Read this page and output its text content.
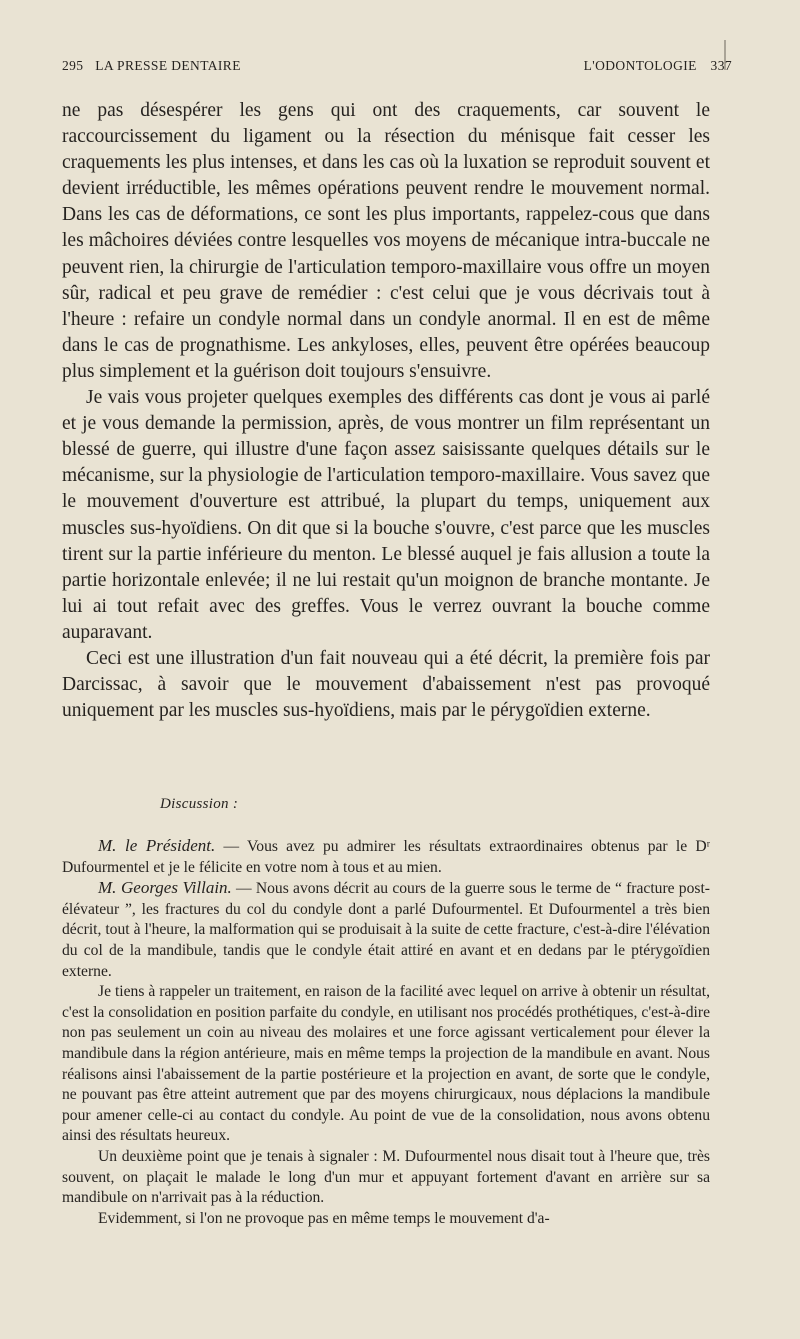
295 LA PRESSE DENTAIRE	L'ODONTOLOGIE 337

ne pas désespérer les gens qui ont des craquements, car souvent le raccourcissement du ligament ou la résection du ménisque fait cesser les craquements les plus intenses, et dans les cas où la luxation se reproduit souvent et devient irréductible, les mêmes opérations peuvent rendre le mouvement normal. Dans les cas de déformations, ce sont les plus importants, rappelez-cous que dans les mâchoires déviées contre lesquelles vos moyens de mécanique intra-buccale ne peuvent rien, la chirurgie de l'articulation temporo-maxillaire vous offre un moyen sûr, radical et peu grave de remédier : c'est celui que je vous décrivais tout à l'heure : refaire un condyle normal dans un condyle anormal. Il en est de même dans le cas de prognathisme. Les ankyloses, elles, peuvent être opérées beaucoup plus simplement et la guérison doit toujours s'ensuivre.

Je vais vous projeter quelques exemples des différents cas dont je vous ai parlé et je vous demande la permission, après, de vous montrer un film représentant un blessé de guerre, qui illustre d'une façon assez saisissante quelques détails sur le mécanisme, sur la physiologie de l'articulation temporo-maxillaire. Vous savez que le mouvement d'ouverture est attribué, la plupart du temps, uniquement aux muscles sus-hyoïdiens. On dit que si la bouche s'ouvre, c'est parce que les muscles tirent sur la partie inférieure du menton. Le blessé auquel je fais allusion a toute la partie horizontale enlevée; il ne lui restait qu'un moignon de branche montante. Je lui ai tout refait avec des greffes. Vous le verrez ouvrant la bouche comme auparavant.

Ceci est une illustration d'un fait nouveau qui a été décrit, la première fois par Darcissac, à savoir que le mouvement d'abaissement n'est pas provoqué uniquement par les muscles sus-hyoïdiens, mais par le pérygoïdien externe.

Discussion :

M. le Président. — Vous avez pu admirer les résultats extraordinaires obtenus par le Dʳ Dufourmentel et je le félicite en votre nom à tous et au mien.

M. Georges Villain. — Nous avons décrit au cours de la guerre sous le terme de “ fracture post-élévateur ”, les fractures du col du condyle dont a parlé Dufourmentel. Et Dufourmentel a très bien décrit, tout à l'heure, la malformation qui se produisait à la suite de cette fracture, c'est-à-dire l'élévation du col de la mandibule, tandis que le condyle était attiré en avant et en dedans par le ptérygoïdien externe.

Je tiens à rappeler un traitement, en raison de la facilité avec lequel on arrive à obtenir un résultat, c'est la consolidation en position parfaite du condyle, en utilisant nos procédés prothétiques, c'est-à-dire non pas seulement un coin au niveau des molaires et une force agissant verticalement pour élever la mandibule dans la région antérieure, mais en même temps la projection de la mandibule en avant. Nous réalisons ainsi l'abaissement de la partie postérieure et la projection en avant, de sorte que le condyle, ne pouvant pas être atteint autrement que par des moyens chirurgicaux, nous déplacions la mandibule pour amener celle-ci au contact du condyle. Au point de vue de la consolidation, nous avons obtenu ainsi des résultats heureux.

Un deuxième point que je tenais à signaler : M. Dufourmentel nous disait tout à l'heure que, très souvent, on plaçait le malade le long d'un mur et appuyant fortement d'avant en arrière sur sa mandibule on n'arrivait pas à la réduction.

Evidemment, si l'on ne provoque pas en même temps le mouvement d'a-
